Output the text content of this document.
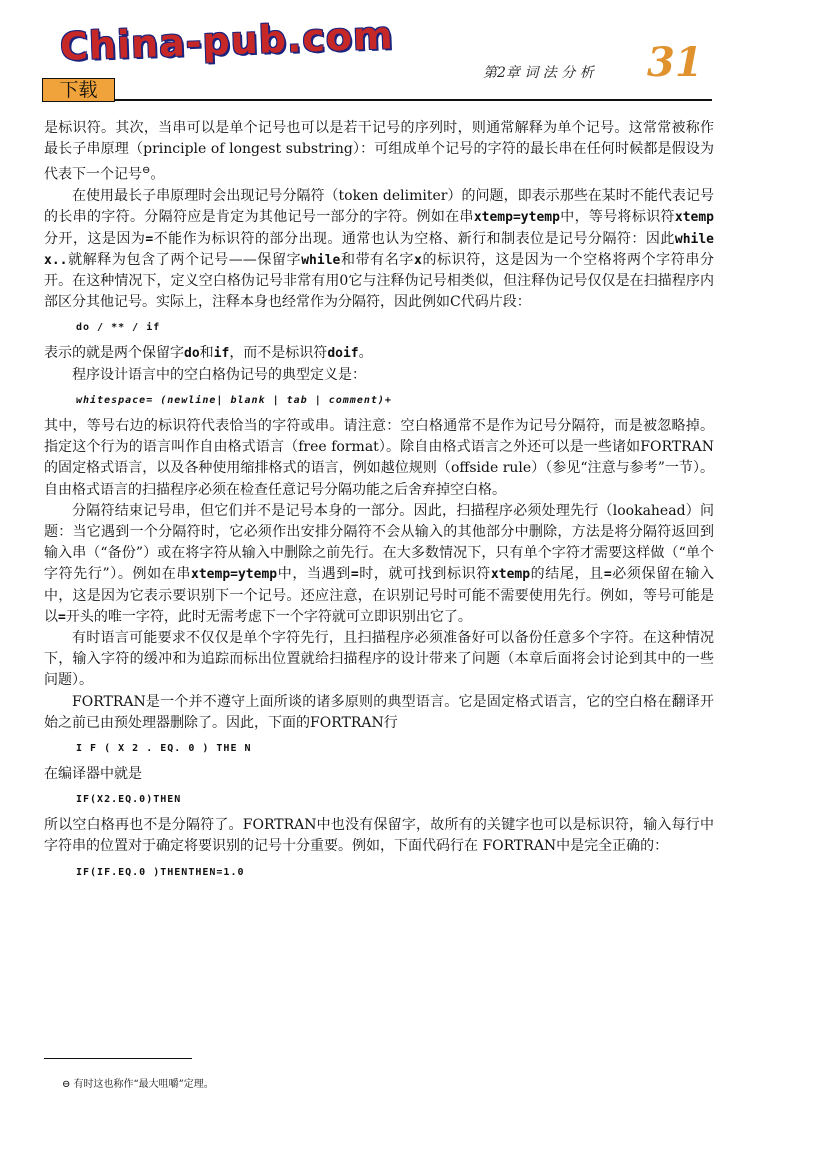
China-pub.com
下载
第2章 词 法 分 析 31

是标识符。其次，当串可以是单个记号也可以是若干记号的序列时，则通常解释为单个记号。这常常被称作最长子串原理（principle of longest substring）：可组成单个记号的字符的最长串在任何时候都是假设为代表下一个记号⊖。

在使用最长子串原理时会出现记号分隔符（token delimiter）的问题，即表示那些在某时不能代表记号的长串的字符。分隔符应是肯定为其他记号一部分的字符。例如在串xtemp=ytemp中，等号将标识符xtemp分开，这是因为=不能作为标识符的部分出现。通常也认为空格、新行和制表位是记号分隔符：因此while x..就解释为包含了两个记号——保留字while和带有名字x的标识符，这是因为一个空格将两个字符串分开。在这种情况下，定义空白格伪记号非常有用0它与注释伪记号相类似，但注释伪记号仅仅是在扫描程序内部区分其他记号。实际上，注释本身也经常作为分隔符，因此例如C代码片段：

do / ** / if

表示的就是两个保留字do和if，而不是标识符doif。

程序设计语言中的空白格伪记号的典型定义是：

whitespace= (newline| blank | tab | comment)+

其中，等号右边的标识符代表恰当的字符或串。请注意：空白格通常不是作为记号分隔符，而是被忽略掉。指定这个行为的语言叫作自由格式语言（free format）。除自由格式语言之外还可以是一些诸如FORTRAN的固定格式语言，以及各种使用缩排格式的语言，例如越位规则（offside rule）（参见“注意与参考”一节）。自由格式语言的扫描程序必须在检查任意记号分隔功能之后舍弃掉空白格。

分隔符结束记号串，但它们并不是记号本身的一部分。因此，扫描程序必须处理先行（lookahead）问题：当它遇到一个分隔符时，它必须作出安排分隔符不会从输入的其他部分中删除，方法是将分隔符返回到输入串（“备份”）或在将字符从输入中删除之前先行。在大多数情况下，只有单个字符才需要这样做（“单个字符先行”）。例如在串xtemp=ytemp中，当遇到=时，就可找到标识符xtemp的结尾，且=必须保留在输入中，这是因为它表示要识别下一个记号。还应注意，在识别记号时可能不需要使用先行。例如，等号可能是以=开头的唯一字符，此时无需考虑下一个字符就可立即识别出它了。

有时语言可能要求不仅仅是单个字符先行，且扫描程序必须准备好可以备份任意多个字符。在这种情况下，输入字符的缓冲和为追踪而标出位置就给扫描程序的设计带来了问题（本章后面将会讨论到其中的一些问题）。

FORTRAN是一个并不遵守上面所谈的诸多原则的典型语言。它是固定格式语言，它的空白格在翻译开始之前已由预处理器删除了。因此，下面的FORTRAN行

I F ( X 2 . EQ. 0 ) THE N

在编译器中就是

IF(X2.EQ.0)THEN

所以空白格再也不是分隔符了。FORTRAN中也没有保留字，故所有的关键字也可以是标识符，输入每行中字符串的位置对于确定将要识别的记号十分重要。例如，下面代码行在 FORTRAN中是完全正确的：

IF(IF.EQ.0 )THENTHEN=1.0
⊖ 有时这也称作“最大咀嚼”定理。
